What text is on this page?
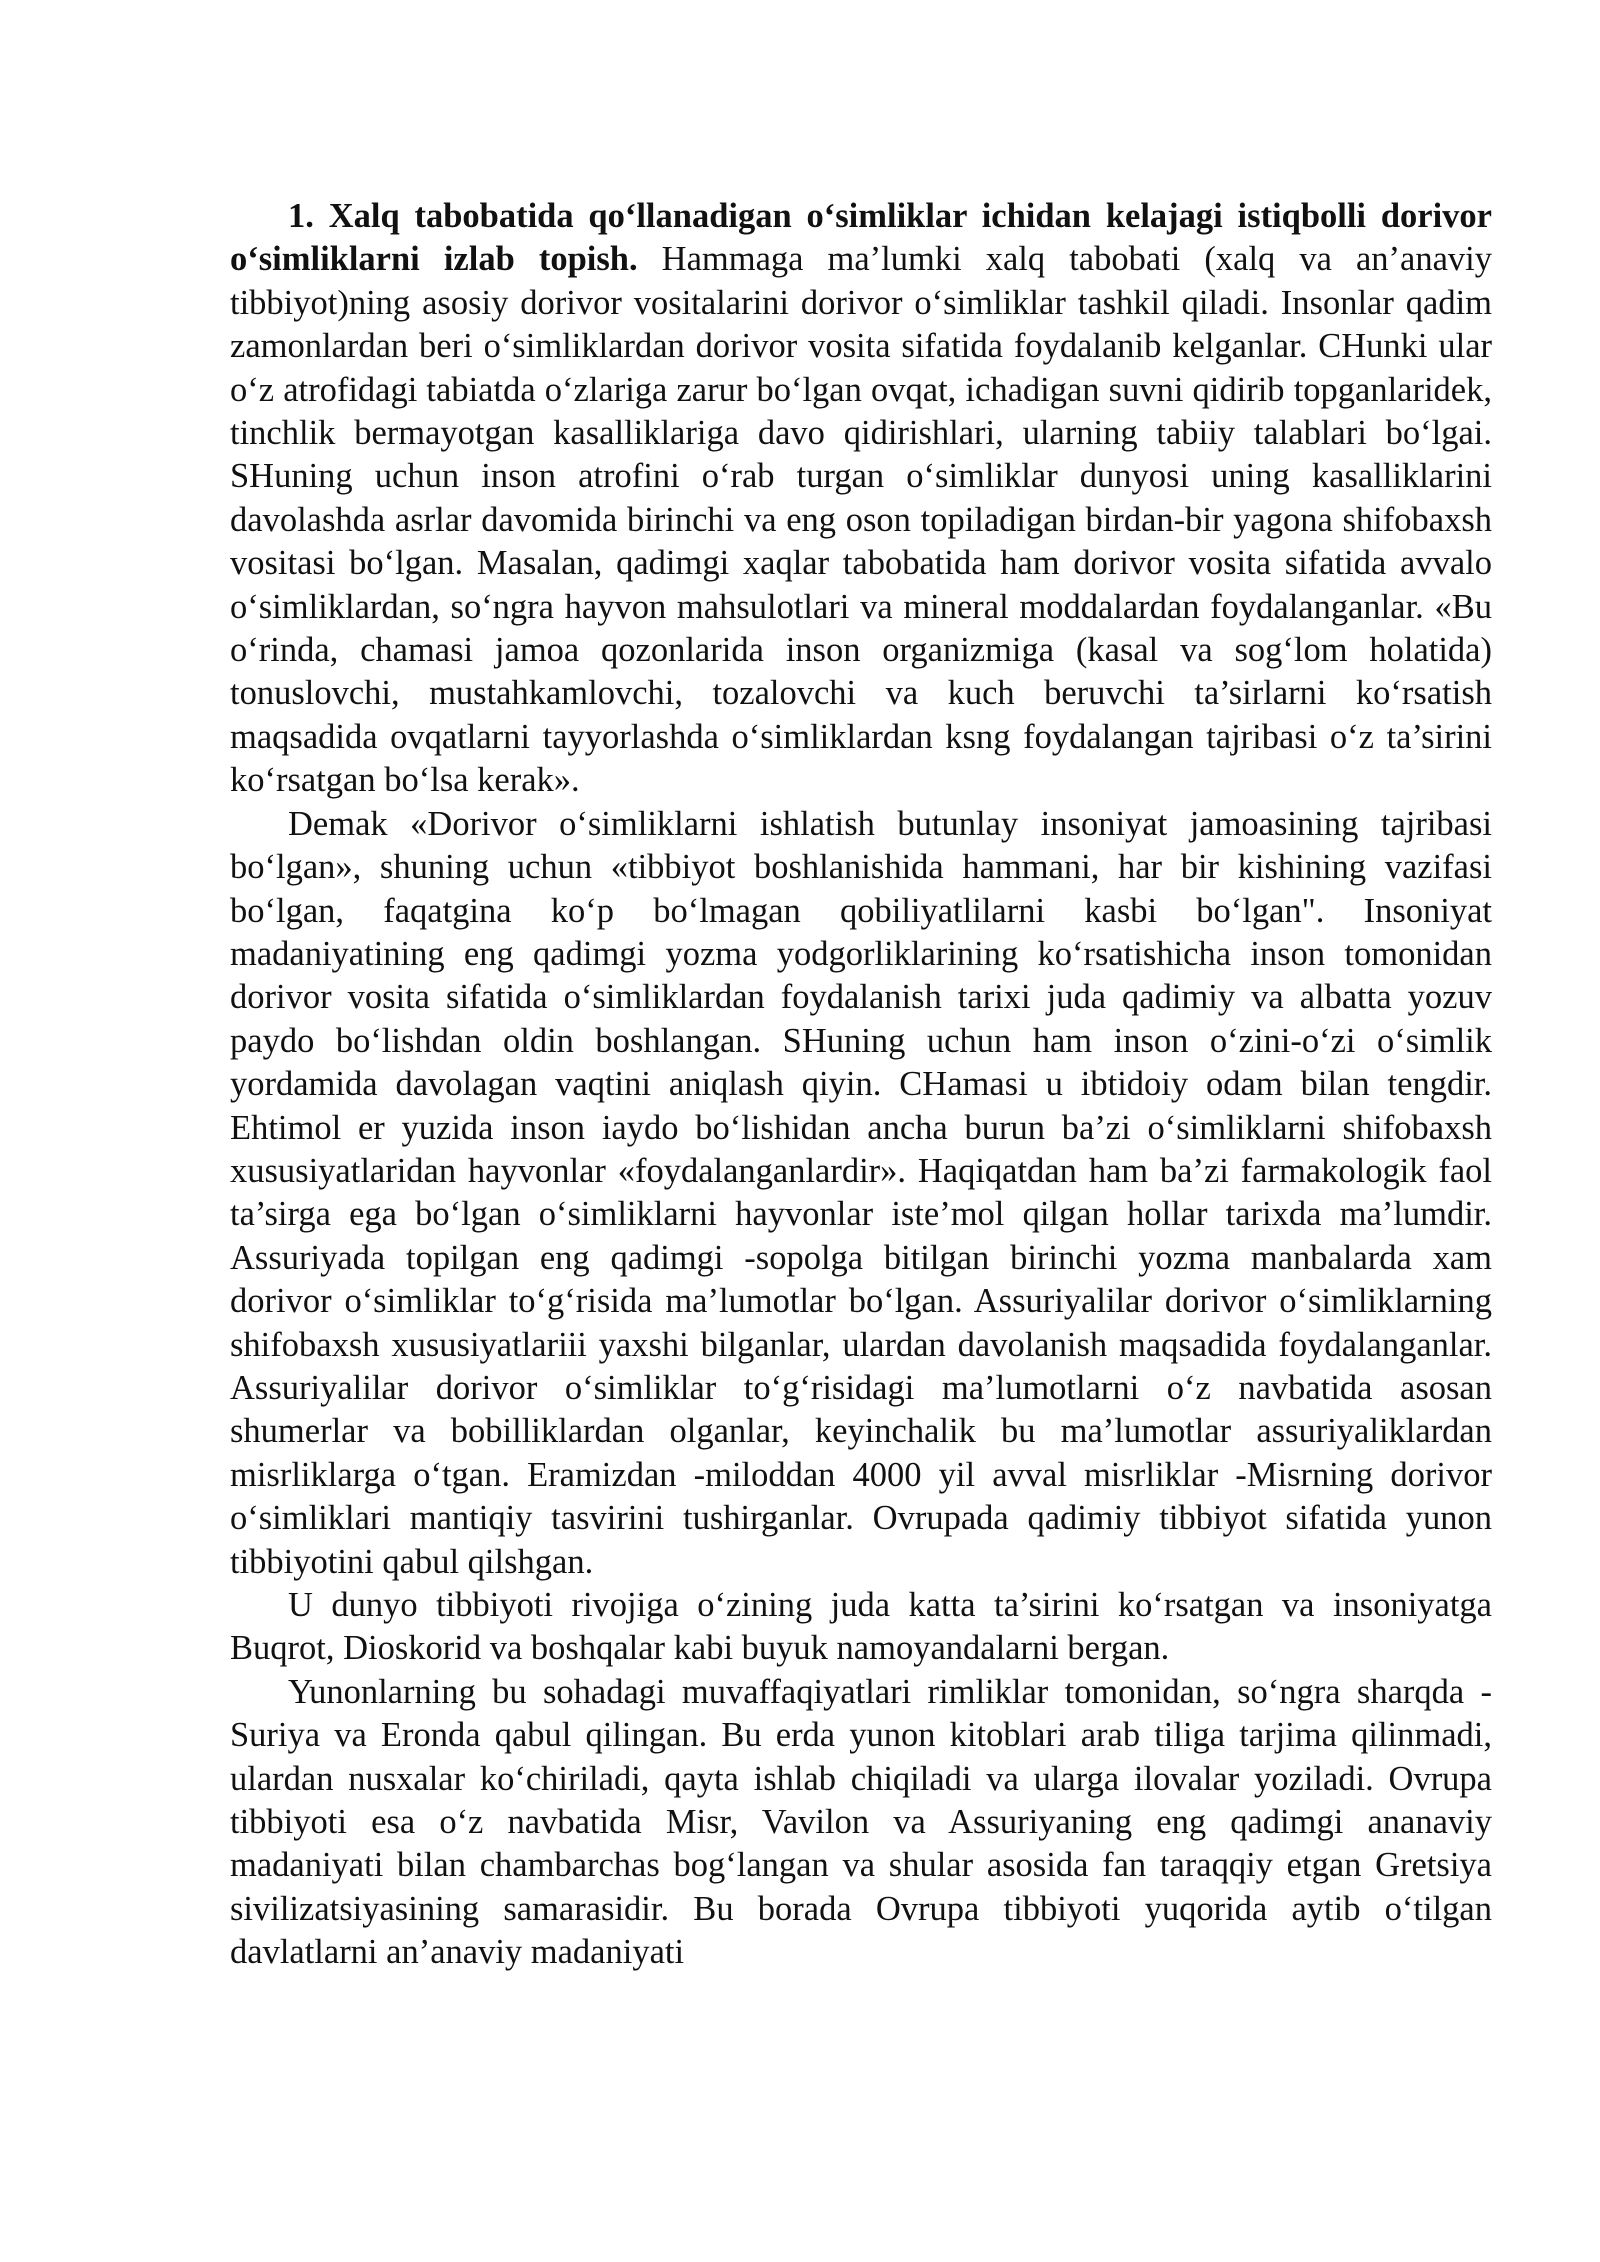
1. Xalq tabobatida qo‘llanadigan o‘simliklar ichidan kelajagi istiqbolli dorivor o‘simliklarni izlab topish. Hammaga ma’lumki xalq tabobati (xalq va an’anaviy tibbiyot)ning asosiy dorivor vositalarini dorivor o‘simliklar tashkil qiladi. Insonlar qadim zamonlardan beri o‘simliklardan dorivor vosita sifatida foydalanib kelganlar. CHunki ular o‘z atrofidagi tabiatda o‘zlariga zarur bo‘lgan ovqat, ichadigan suvni qidirib topganlaridek, tinchlik bermayotgan kasalliklariga davo qidirishlari, ularning tabiiy talablari bo‘lgai. SHuning uchun inson atrofini o‘rab turgan o‘simliklar dunyosi uning kasalliklarini davolashda asrlar davomida birinchi va eng oson topiladigan birdan-bir yagona shifobaxsh vositasi bo‘lgan. Masalan, qadimgi xaqlar tabobatida ham dorivor vosita sifatida avvalo o‘simliklardan, so‘ngra hayvon mahsulotlari va mineral moddalardan foydalanganlar. «Bu o‘rinda, chamasi jamoa qozonlarida inson organizmiga (kasal va sog‘lom holatida) tonuslovchi, mustahkamlovchi, tozalovchi va kuch beruvchi ta’sirlarni ko‘rsatish maqsadida ovqatlarni tayyorlashda o‘simliklardan ksng foydalangan tajribasi o‘z ta’sirini ko‘rsatgan bo‘lsa kerak».

Demak «Dorivor o‘simliklarni ishlatish butunlay insoniyat jamoasining tajribasi bo‘lgan», shuning uchun «tibbiyot boshlanishida hammani, har bir kishining vazifasi bo‘lgan, faqatgina ko‘p bo‘lmagan qobiliyatlilarni kasbi bo‘lgan". Insoniyat madaniyatining eng qadimgi yozma yodgorliklarining ko‘rsatishicha inson tomonidan dorivor vosita sifatida o‘simliklardan foydalanish tarixi juda qadimiy va albatta yozuv paydo bo‘lishdan oldin boshlangan. SHuning uchun ham inson o‘zini-o‘zi o‘simlik yordamida davolagan vaqtini aniqlash qiyin. CHamasi u ibtidoiy odam bilan tengdir. Ehtimol er yuzida inson iaydo bo‘lishidan ancha burun ba’zi o‘simliklarni shifobaxsh xususiyatlaridan hayvonlar «foydalanganlardir». Haqiqatdan ham ba’zi farmakologik faol ta’sirga ega bo‘lgan o‘simliklarni hayvonlar iste’mol qilgan hollar tarixda ma’lumdir. Assuriyada topilgan eng qadimgi -sopolga bitilgan birinchi yozma manbalarda xam dorivor o‘simliklar to‘g‘risida ma’lumotlar bo‘lgan. Assuriyalilar dorivor o‘simliklarning shifobaxsh xususiyatlariii yaxshi bilganlar, ulardan davolanish maqsadida foydalanganlar. Assuriyalilar dorivor o‘simliklar to‘g‘risidagi ma’lumotlarni o‘z navbatida asosan shumerlar va bobilliklardan olganlar, keyinchalik bu ma’lumotlar assuriyaliklardan misrliklarga o‘tgan. Eramizdan -miloddan 4000 yil avval misrliklar -Misrning dorivor o‘simliklari mantiqiy tasvirini tushirganlar. Ovrupada qadimiy tibbiyot sifatida yunon tibbiyotini qabul qilshgan.

U dunyo tibbiyoti rivojiga o‘zining juda katta ta’sirini ko‘rsatgan va insoniyatga Buqrot, Dioskorid va boshqalar kabi buyuk namoyandalarni bergan.

Yunonlarning bu sohadagi muvaffaqiyatlari rimliklar tomonidan, so‘ngra sharqda - Suriya va Eronda qabul qilingan. Bu erda yunon kitoblari arab tiliga tarjima qilinmadi, ulardan nusxalar ko‘chiriladi, qayta ishlab chiqiladi va ularga ilovalar yoziladi. Ovrupa tibbiyoti esa o‘z navbatida Misr, Vavilon va Assuriyaning eng qadimgi ananaviy madaniyati bilan chambarchas bog‘langan va shular asosida fan taraqqiy etgan Gretsiya sivilizatsiyasining samarasidir. Bu borada Ovrupa tibbiyoti yuqorida aytib o‘tilgan davlatlarni an’anaviy madaniyati
